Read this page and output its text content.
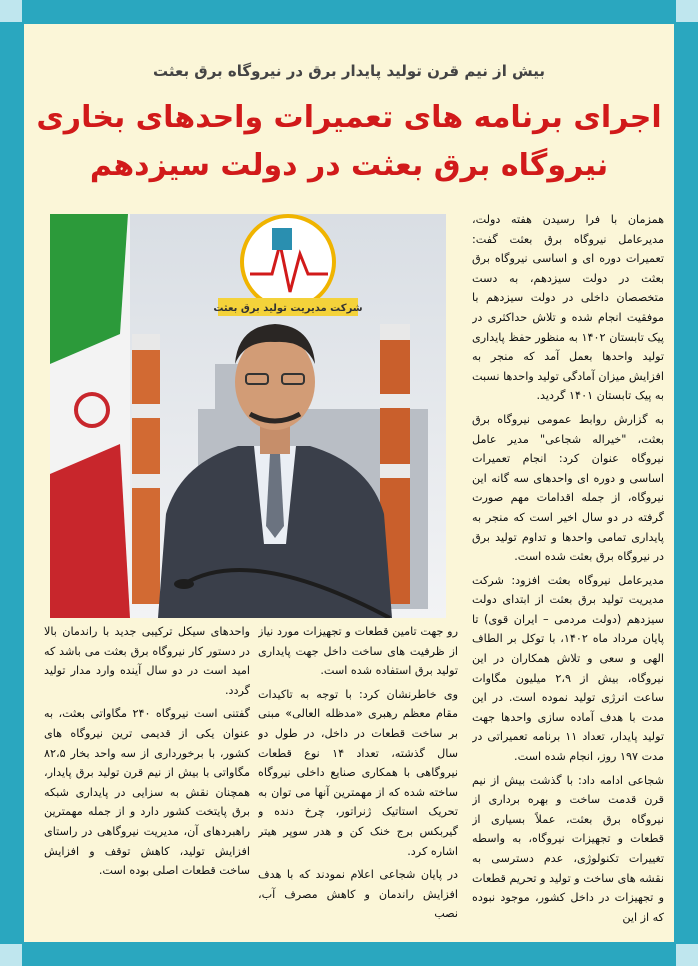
بیش از نیم قرن تولید پایدار برق در نیروگاه برق بعثت

اجرای برنامه های تعمیرات واحدهای بخاری
نیروگاه برق بعثت در دولت سیزدهم
شرکت مدیریت تولید برق بعثت

همزمان با فرا رسیدن هفته دولت، مدیرعامل نیروگاه برق بعثت گفت: تعمیرات دوره ای و اساسی نیروگاه برق بعثت در دولت سیزدهم، به دست متخصصان داخلی در دولت سیزدهم با موفقیت انجام شده و تلاش حداکثری در پیک تابستان ۱۴۰۲ به منظور حفظ پایداری تولید واحدها بعمل آمد که منجر به افزایش میزان آمادگی تولید واحدها نسبت به پیک تابستان ۱۴۰۱ گردید.

به گزارش روابط عمومی نیروگاه برق بعثت، "خیراله شجاعی" مدیر عامل نیروگاه عنوان کرد: انجام تعمیرات اساسی و دوره ای واحدهای سه گانه این نیروگاه، از جمله اقدامات مهم صورت گرفته در دو سال اخیر است که منجر به پایداری تمامی واحدها و تداوم تولید برق در نیروگاه برق بعثت شده است.

مدیرعامل نیروگاه بعثت افزود: شرکت مدیریت تولید برق بعثت از ابتدای دولت سیزدهم (دولت مردمی – ایران قوی) تا پایان مرداد ماه ۱۴۰۲، با توکل بر الطاف الهی و سعی و تلاش همکاران در این نیروگاه، بیش از ۲،۹ میلیون مگاوات ساعت انرژی تولید نموده است. در این مدت با هدف آماده سازی واحدها جهت تولید پایدار، تعداد ۱۱ برنامه تعمیراتی در مدت ۱۹۷ روز، انجام شده است.

شجاعی ادامه داد: با گذشت بیش از نیم قرن قدمت ساخت و بهره برداری از نیروگاه برق بعثت، عملاً بسیاری از قطعات و تجهیزات نیروگاه، به واسطه تغییرات تکنولوژی، عدم دسترسی به نقشه های ساخت و تولید و تحریم قطعات و تجهیزات در داخل کشور، موجود نبوده که از این

رو جهت تامین قطعات و تجهیزات مورد نیاز از ظرفیت های ساخت داخل جهت پایداری تولید برق استفاده شده است.

وی خاطرنشان کرد: با توجه به تاکیدات مقام معظم رهبری «مدظله العالی» مبنی بر ساخت قطعات در داخل، در طول دو سال گذشته، تعداد ۱۴ نوع قطعات نیروگاهی با همکاری صنایع داخلی نیروگاه ساخته شده که از مهمترین آنها می توان به تحریک استاتیک ژنراتور، چرخ دنده و گیربکس برج خنک کن و هدر سوپر هیتر اشاره کرد.

در پایان شجاعی اعلام نمودند که با هدف افزایش راندمان و کاهش مصرف آب، نصب

واحدهای سیکل ترکیبی جدید با راندمان بالا در دستور کار نیروگاه برق بعثت می باشد که امید است در دو سال آینده وارد مدار تولید گردد.

گفتنی است نیروگاه ۲۴۰ مگاواتی بعثت، به عنوان یکی از قدیمی ترین نیروگاه های کشور، با برخورداری از سه واحد بخار ۸۲،۵ مگاواتی با بیش از نیم قرن تولید برق پایدار، همچنان نقش به سزایی در پایداری شبکه برق پایتخت کشور دارد و از جمله مهمترین راهبردهای آن، مدیریت نیروگاهی در راستای افزایش تولید، کاهش توقف و افزایش ساخت قطعات اصلی بوده است.
